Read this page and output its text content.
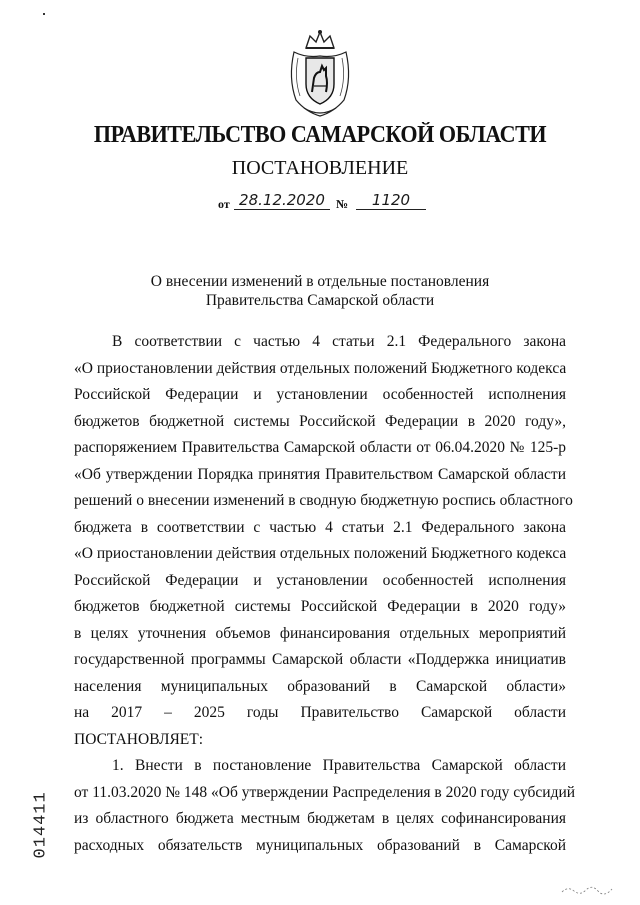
ПРАВИТЕЛЬСТВО САМАРСКОЙ ОБЛАСТИ
ПОСТАНОВЛЕНИЕ
от 28.12.2020 №	1120
О внесении изменений в отдельные постановления
Правительства Самарской области
В соответствии с частью 4 статьи 2.1 Федерального закона
«О приостановлении действия отдельных положений Бюджетного кодекса
Российской Федерации и установлении особенностей исполнения
бюджетов бюджетной системы Российской Федерации в 2020 году»,
распоряжением Правительства Самарской области от 06.04.2020 № 125-р
«Об утверждении Порядка принятия Правительством Самарской области
решений о внесении изменений в сводную бюджетную роспись областного
бюджета в соответствии с частью 4 статьи 2.1 Федерального закона
«О приостановлении действия отдельных положений Бюджетного кодекса
Российской Федерации и установлении особенностей исполнения
бюджетов бюджетной системы Российской Федерации в 2020 году»
в целях уточнения объемов финансирования отдельных мероприятий
государственной программы Самарской области «Поддержка инициатив
населения муниципальных образований в Самарской области»
на 2017 – 2025 годы Правительство Самарской области
ПОСТАНОВЛЯЕТ:
1. Внести в постановление Правительства Самарской области
от 11.03.2020 № 148 «Об утверждении Распределения в 2020 году субсидий
из областного бюджета местным бюджетам в целях софинансирования
расходных обязательств муниципальных образований в Самарской
014411
